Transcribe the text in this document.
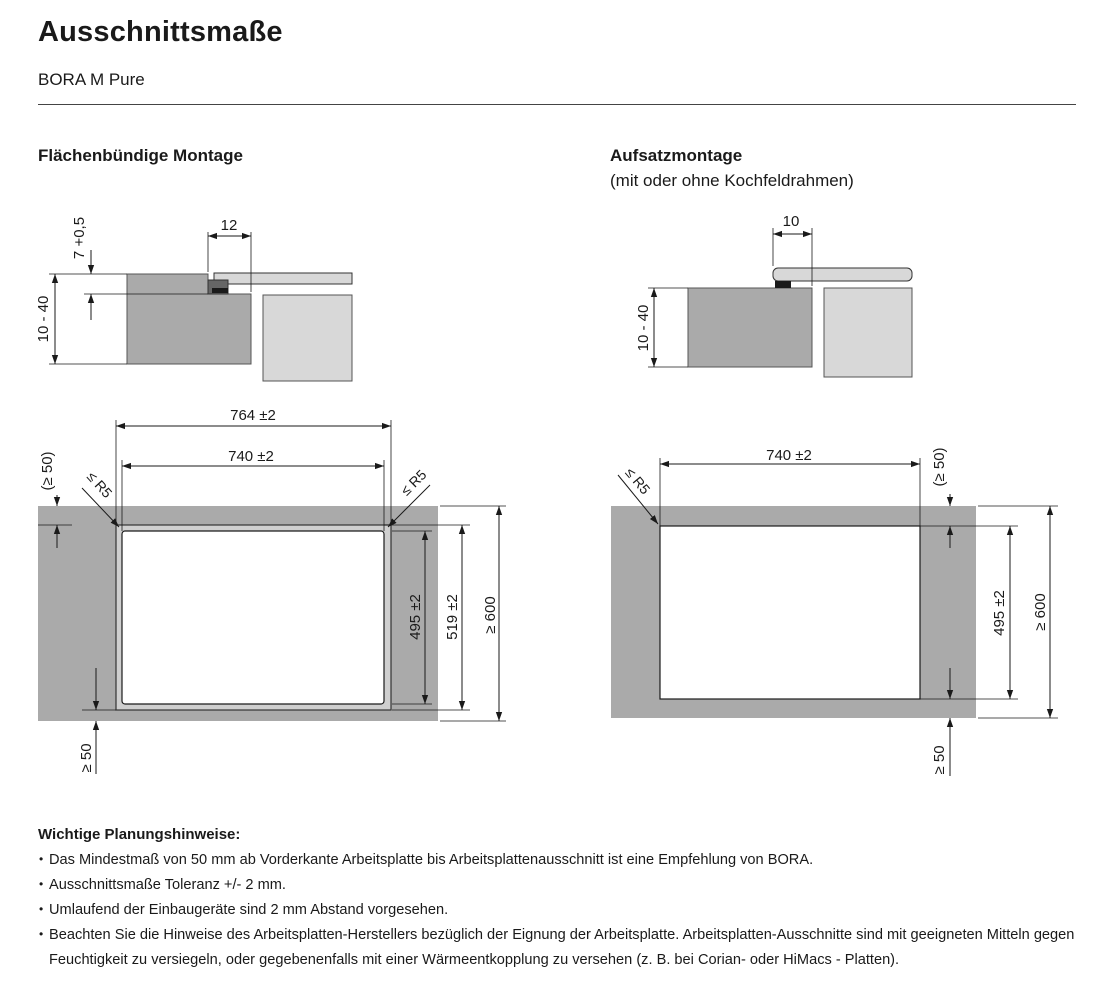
Ausschnittsmaße
BORA M Pure
Flächenbündige Montage	Aufsatzmontage
(mit oder ohne Kochfeldrahmen)
12
7 +0,5
10 - 40
764 ±2
740 ±2
≤ R5	≤ R5
(≥ 50)
≥ 50
495 ±2 519 ±2 ≥ 600
10
10 - 40
740 ±2
≤ R5	(≥ 50)
≥ 50
495 ±2 ≥ 600
Wichtige Planungshinweise:
• Das Mindestmaß von 50 mm ab Vorderkante Arbeitsplatte bis Arbeitsplattenausschnitt ist eine Empfehlung von BORA.
• Ausschnittsmaße Toleranz +/- 2 mm.
• Umlaufend der Einbaugeräte sind 2 mm Abstand vorgesehen.
• Beachten Sie die Hinweise des Arbeitsplatten-Herstellers bezüglich der Eignung der Arbeitsplatte. Arbeitsplatten-Ausschnitte sind mit geeigneten Mitteln gegen Feuchtigkeit zu versiegeln, oder gegebenenfalls mit einer Wärmeentkopplung zu versehen (z. B. bei Corian- oder HiMacs - Platten).
